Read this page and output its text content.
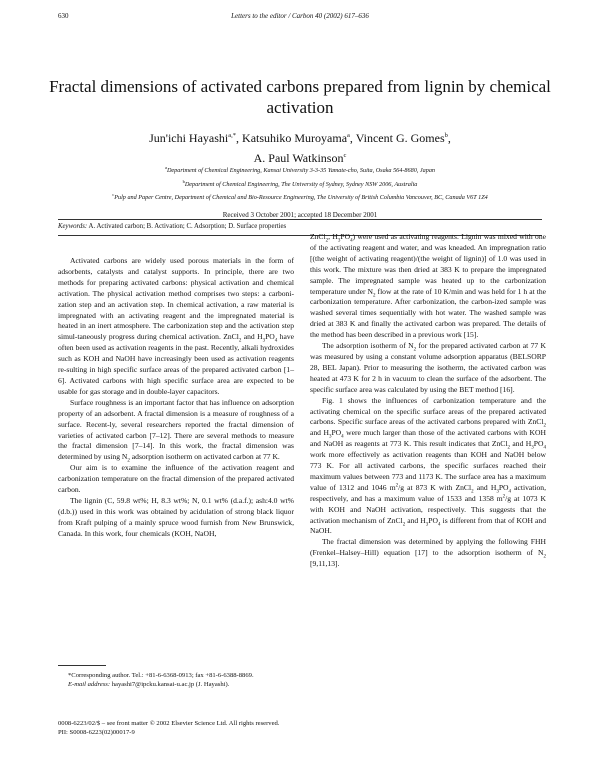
630	Letters to the editor / Carbon 40 (2002) 617–636
Fractal dimensions of activated carbons prepared from lignin by chemical activation
Jun'ichi Hayashi$^{a,*}$, Katsuhiko Muroyama$^a$, Vincent G. Gomes$^b$,
A. Paul Watkinson$^c$
$^a$Department of Chemical Engineering, Kansai University 3-3-35 Yamate-cho, Suita, Osaka 564-8680, Japan
$^b$Department of Chemical Engineering, The University of Sydney, Sydney NSW 2006, Australia
$^c$Pulp and Paper Centre, Department of Chemical and Bio-Resource Engineering, The University of British Columbia Vancouver, BC, Canada V6T 1Z4
Received 3 October 2001; accepted 18 December 2001
Keywords: A. Activated carbon; B. Activation; C. Adsorption; D. Surface properties

Activated carbons are widely used porous materials in the form of adsorbents, catalysts and catalyst supports. In principle, there are two methods for preparing activated carbons: physical activation and chemical activation. The physical activation method comprises two steps: a carboni-zation step and an activation step. In chemical activation, a raw material is impregnated with an activating reagent and the impregnated material is heated in an inert atmosphere. The carbonization step and the activation step simul-taneously progress during chemical activation. ZnCl$_2$ and $H_3PO_4$ have often been used as activation reagents in the past. Recently, alkali hydroxides such as KOH and NaOH have increasingly been used as activation reagents re-sulting in high specific surface areas of the prepared activated carbon [1–6]. Activated carbons with high specific surface area are expected to be usable for gas storage and in double-layer capacitors.

Surface roughness is an important factor that has influence on adsorption property of an adsorbent. A fractal dimension is a measure of roughness of a surface. Recent-ly, several researchers reported the fractal dimension of varieties of activated carbon [7–12]. There are several methods to measure the fractal dimension [7–14]. In this work, the fractal dimension was determined by using $N_2$ adsorption isotherm on activated carbon at 77 K.

Our aim is to examine the influence of the activation reagent and carbonization temperature on the fractal dimension of the prepared activated carbon.

The lignin (C, 59.8 wt%; H, 8.3 wt%; N, 0.1 wt% (d.a.f.); ash:4.0 wt% (d.b.)) used in this work was obtained by acidulation of strong black liquor from Kraft pulping of a mainly spruce wood furnish from New Brunswick, Canada. In this work, four chemicals (KOH, NaOH,

ZnCl$_2$, $H_3PO_4$) were used as activating reagents. Lignin was mixed with one of the activating reagent and water, and was kneaded. An impregnation ratio [(the weight of activating reagent)/(the weight of lignin)] of 1.0 was used in this work. The mixture was then dried at 383 K to prepare the impregnated sample. The impregnated sample was heated up to the carbonization temperature under $N_2$ flow at the rate of 10 K/min and was held for 1 h at the carbonization temperature. After carbonization, the carbon-ized sample was washed several times sequentially with hot water. The washed sample was dried at 383 K and finally the activated carbon was prepared. The details of the method has been described in a previous work [15].

The adsorption isotherm of $N_2$ for the prepared activated carbon at 77 K was measured by using a constant volume adsorption apparatus (BELSORP 28, BEL Japan). Prior to measuring the isotherm, the activated carbon was heated at 473 K for 2 h in vacuum to clean the surface of the adsorbent. The specific surface area was calculated by using the BET method [16].

Fig. 1 shows the influences of carbonization temperature and the activating chemical on the specific surface areas of the prepared activated carbons. Specific surface areas of the activated carbons prepared with ZnCl$_2$ and $H_3PO_4$ were much larger than those of the activated carbons with KOH and NaOH as reagents at 773 K. This result indicates that ZnCl$_2$ and $H_3PO_4$ work more effectively as activation reagents than KOH and NaOH below 773 K. For all activated carbons, the specific surfaces reached their maximum values between 773 and 1173 K. The surface area has a maximum value of 1312 and 1046 $m^2/g$ at 873 K with ZnCl$_2$ and $H_3PO_4$ activation, respectively, and has a maximum value of 1533 and 1358 $m^2/g$ at 1073 K with KOH and NaOH activation, respectively. This suggests that the activation mechanism of ZnCl$_2$ and $H_3PO_4$ is different from that of KOH and NaOH.

The fractal dimension was determined by applying the following FHH (Frenkel–Halsey–Hill) equation [17] to the adsorption isotherm of $N_2$ [9,11,13].

*Corresponding author. Tel.: +81-6-6368-0913; fax +81-6-6388-8869.

E-mail address: hayashi7@ipcku.kansai-u.ac.jp (J. Hayashi).

0008-6223/02/$ – see front matter © 2002 Elsevier Science Ltd. All rights reserved.
PII: S0008-6223(02)00017-9
